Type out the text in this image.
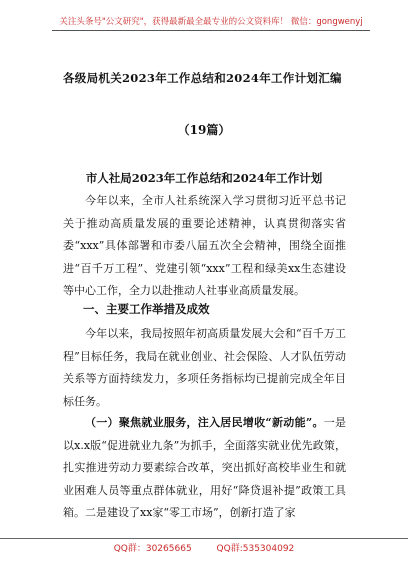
关注头条号"公文研究"，获得最新最全最专业的公文资料库！ 微信：gongwenyj
各级局机关2023年工作总结和2024年工作计划汇编
（19篇）
市人社局2023年工作总结和2024年工作计划
今年以来，全市人社系统深入学习贯彻习近平总书记关于推动高质量发展的重要论述精神，认真贯彻落实省委“xxx”具体部署和市委八届五次全会精神，围绕全面推进“百千万工程”、党建引领“xxx”工程和绿美xx生态建设等中心工作，全力以赴推动人社事业高质量发展。
一、主要工作举措及成效
今年以来，我局按照年初高质量发展大会和“百千万工程”目标任务，我局在就业创业、社会保险、人才队伍劳动关系等方面持续发力，多项任务指标均已提前完成全年目标任务。
（一）聚焦就业服务，注入居民增收“新动能”。一是以x.x版“促进就业九条”为抓手，全面落实就业优先政策，扎实推进劳动力要素综合改革，突出抓好高校毕业生和就业困难人员等重点群体就业，用好“降贷退补提”政策工具箱。二是建设了xx家“零工市场”，创新打造了家
QQ群：30265665	QQ群:535304092
